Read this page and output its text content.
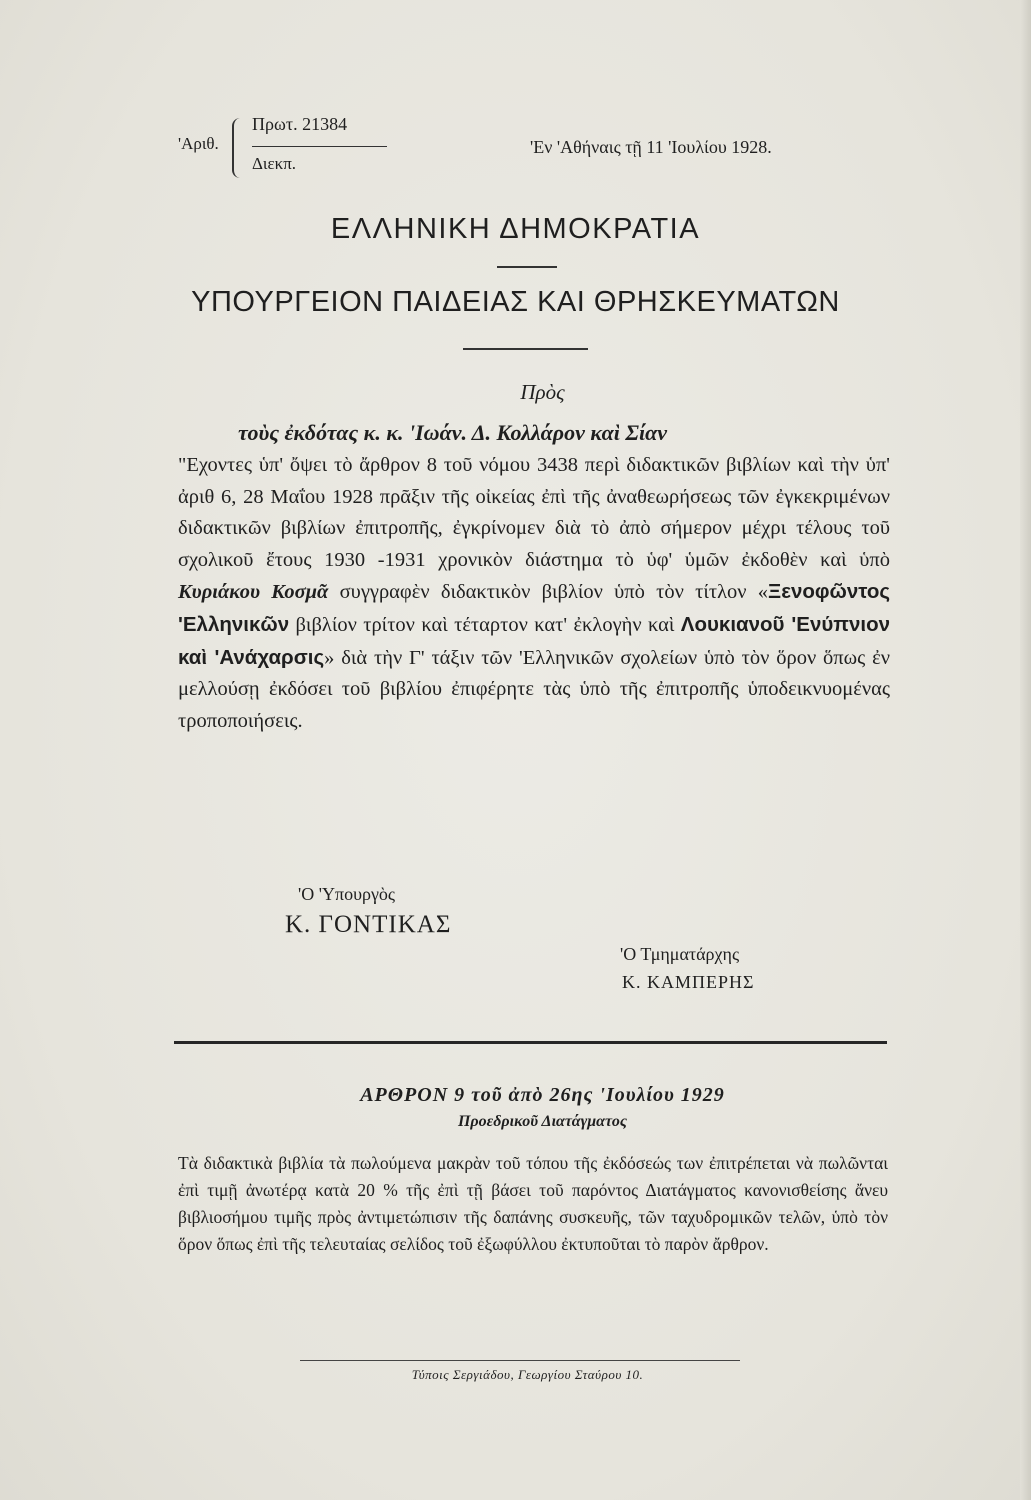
'Αριθ.
Πρωτ. 21384
Διεκπ.
'Εν 'Αθήναις τῇ 11 'Ιουλίου 1928.
ΕΛΛΗΝΙΚΗ ΔΗΜΟΚΡΑΤΙΑ
ΥΠΟΥΡΓΕΙΟΝ ΠΑΙΔΕΙΑΣ ΚΑΙ ΘΡΗΣΚΕΥΜΑΤΩΝ
Πρὸς
τοὺς ἐκδότας κ. κ. 'Ιωάν. Δ. Κολλάρον καὶ Σίαν
"Εχοντες ὑπ' ὄψει τὸ ἄρθρον 8 τοῦ νόμου 3438 περὶ διδακτικῶν βιβλίων καὶ τὴν ὑπ' ἀριθ 6, 28 Μαΐου 1928 πρᾶξιν τῆς οἰκείας ἐπὶ τῆς ἀναθεωρήσεως τῶν ἐγκεκριμένων διδακτικῶν βιβλίων ἐπιτροπῆς, ἐγκρίνομεν διὰ τὸ ἀπὸ σήμερον μέχρι τέλους τοῦ σχολικοῦ ἔτους 1930 -1931 χρονικὸν διάστημα τὸ ὑφ' ὑμῶν ἐκδοθὲν καὶ ὑπὸ Κυριάκου Κοσμᾶ συγγραφὲν διδακτικὸν βιβλίον ὑπὸ τὸν τίτλον «Ξενοφῶντος 'Ελληνικῶν βιβλίον τρίτον καὶ τέταρτον κατ' ἐκλογὴν καὶ Λουκιανοῦ 'Ενύπνιον καὶ 'Ανάχαρσις» διὰ τὴν Γ' τάξιν τῶν 'Ελληνικῶν σχολείων ὑπὸ τὸν ὅρον ὅπως ἐν μελλούσῃ ἐκδόσει τοῦ βιβλίου ἐπιφέρητε τὰς ὑπὸ τῆς ἐπιτροπῆς ὑποδεικνυομένας τροποποιήσεις.
'Ο 'Υπουργὸς
Κ. ΓΟΝΤΙΚΑΣ
'Ο Τμηματάρχης
Κ. ΚΑΜΠΕΡΗΣ
ΑΡΘΡΟΝ 9 τοῦ ἀπὸ 26ης 'Ιουλίου 1929
Προεδρικοῦ Διατάγματος
Τὰ διδακτικὰ βιβλία τὰ πωλούμενα μακρὰν τοῦ τόπου τῆς ἐκδόσεώς των ἐπιτρέπεται νὰ πωλῶνται ἐπὶ τιμῇ ἀνωτέρᾳ κατὰ 20 % τῆς ἐπὶ τῇ βάσει τοῦ παρόντος Διατάγματος κανονισθείσης ἄνευ βιβλιοσήμου τιμῆς πρὸς ἀντιμετώπισιν τῆς δαπάνης συσκευῆς, τῶν ταχυδρομικῶν τελῶν, ὑπὸ τὸν ὅρον ὅπως ἐπὶ τῆς τελευταίας σελίδος τοῦ ἐξωφύλλου ἐκτυποῦται τὸ παρὸν ἄρθρον.
Τύποις Σεργιάδου, Γεωργίου Σταύρου 10.
